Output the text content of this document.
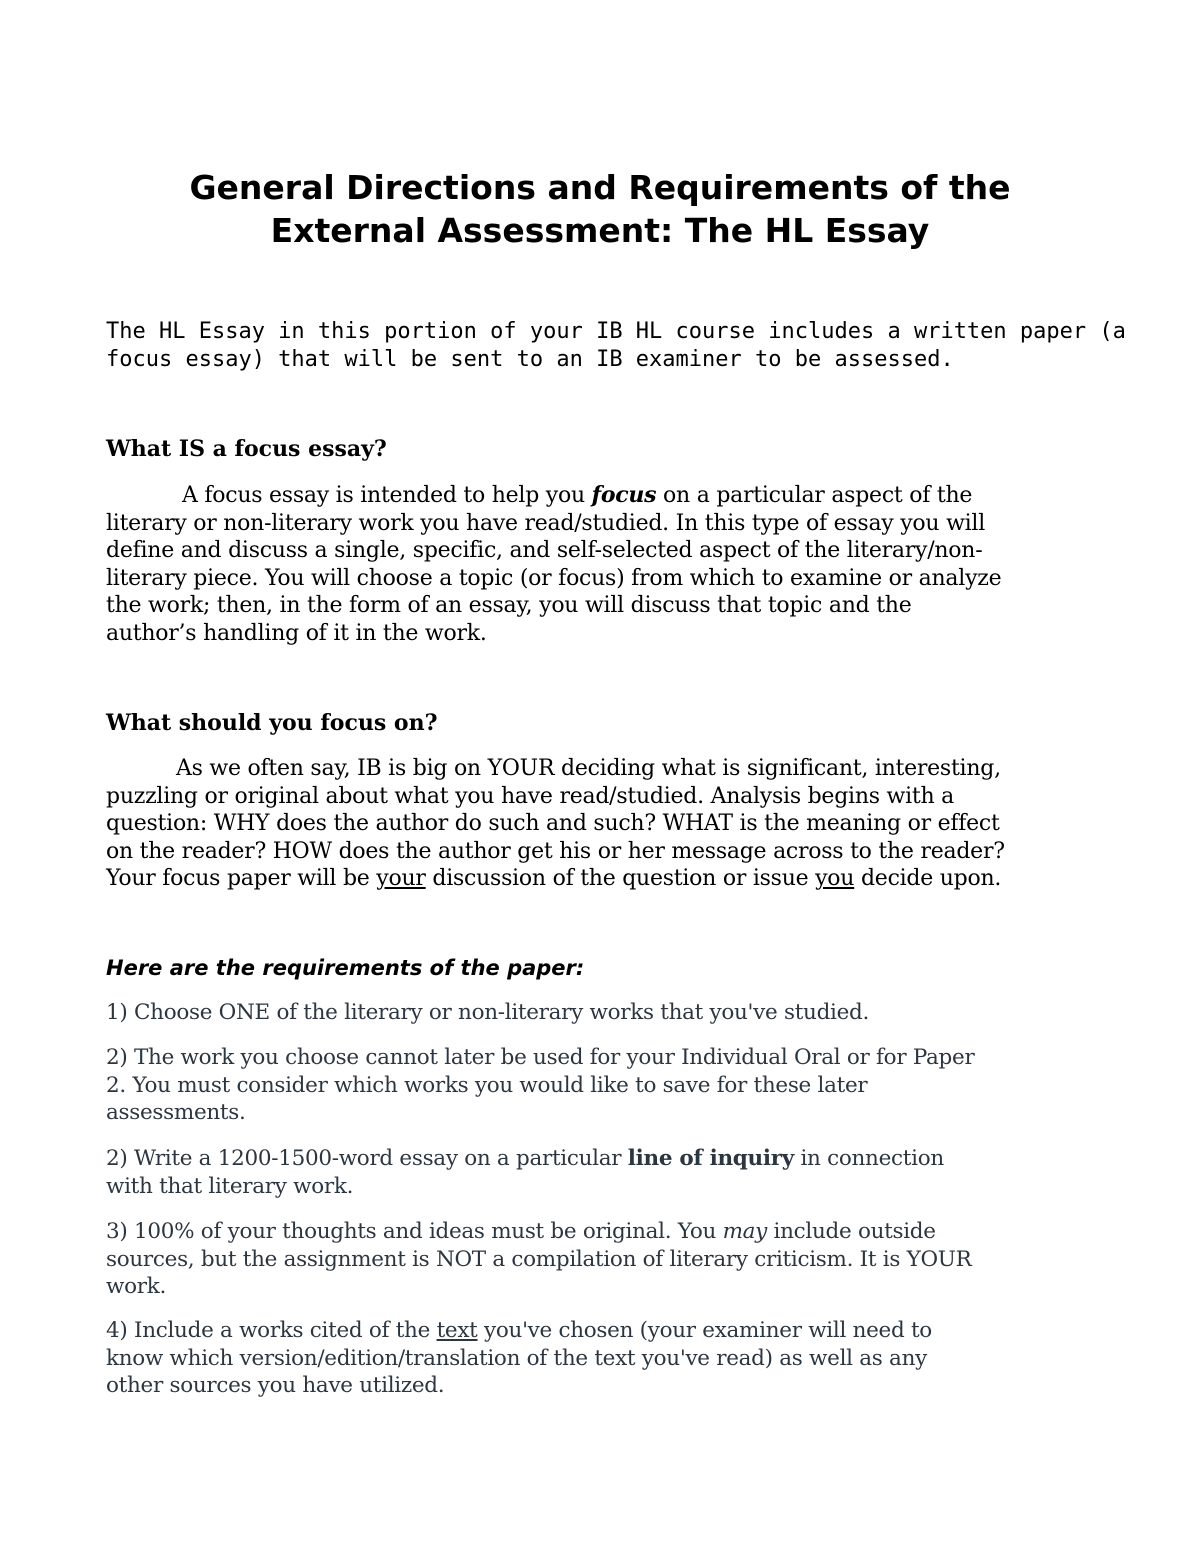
General Directions and Requirements of the
External Assessment: The HL Essay
The HL Essay in this portion of your IB HL course includes a written paper (a
focus essay) that will be sent to an IB examiner to be assessed.
What IS a focus essay?
A focus essay is intended to help you focus on a particular aspect of the
literary or non-literary work you have read/studied. In this type of essay you will
define and discuss a single, specific, and self-selected aspect of the literary/non-
literary piece. You will choose a topic (or focus) from which to examine or analyze
the work; then, in the form of an essay, you will discuss that topic and the
author’s handling of it in the work.
What should you focus on?
As we often say, IB is big on YOUR deciding what is significant, interesting,
puzzling or original about what you have read/studied. Analysis begins with a
question: WHY does the author do such and such? WHAT is the meaning or effect
on the reader? HOW does the author get his or her message across to the reader?
Your focus paper will be your discussion of the question or issue you decide upon.
Here are the requirements of the paper:
1) Choose ONE of the literary or non-literary works that you've studied.
2) The work you choose cannot later be used for your Individual Oral or for Paper
2. You must consider which works you would like to save for these later
assessments.
2) Write a 1200-1500-word essay on a particular line of inquiry in connection
with that literary work.
3) 100% of your thoughts and ideas must be original. You may include outside
sources, but the assignment is NOT a compilation of literary criticism. It is YOUR
work.
4) Include a works cited of the text you've chosen (your examiner will need to
know which version/edition/translation of the text you've read) as well as any
other sources you have utilized.
